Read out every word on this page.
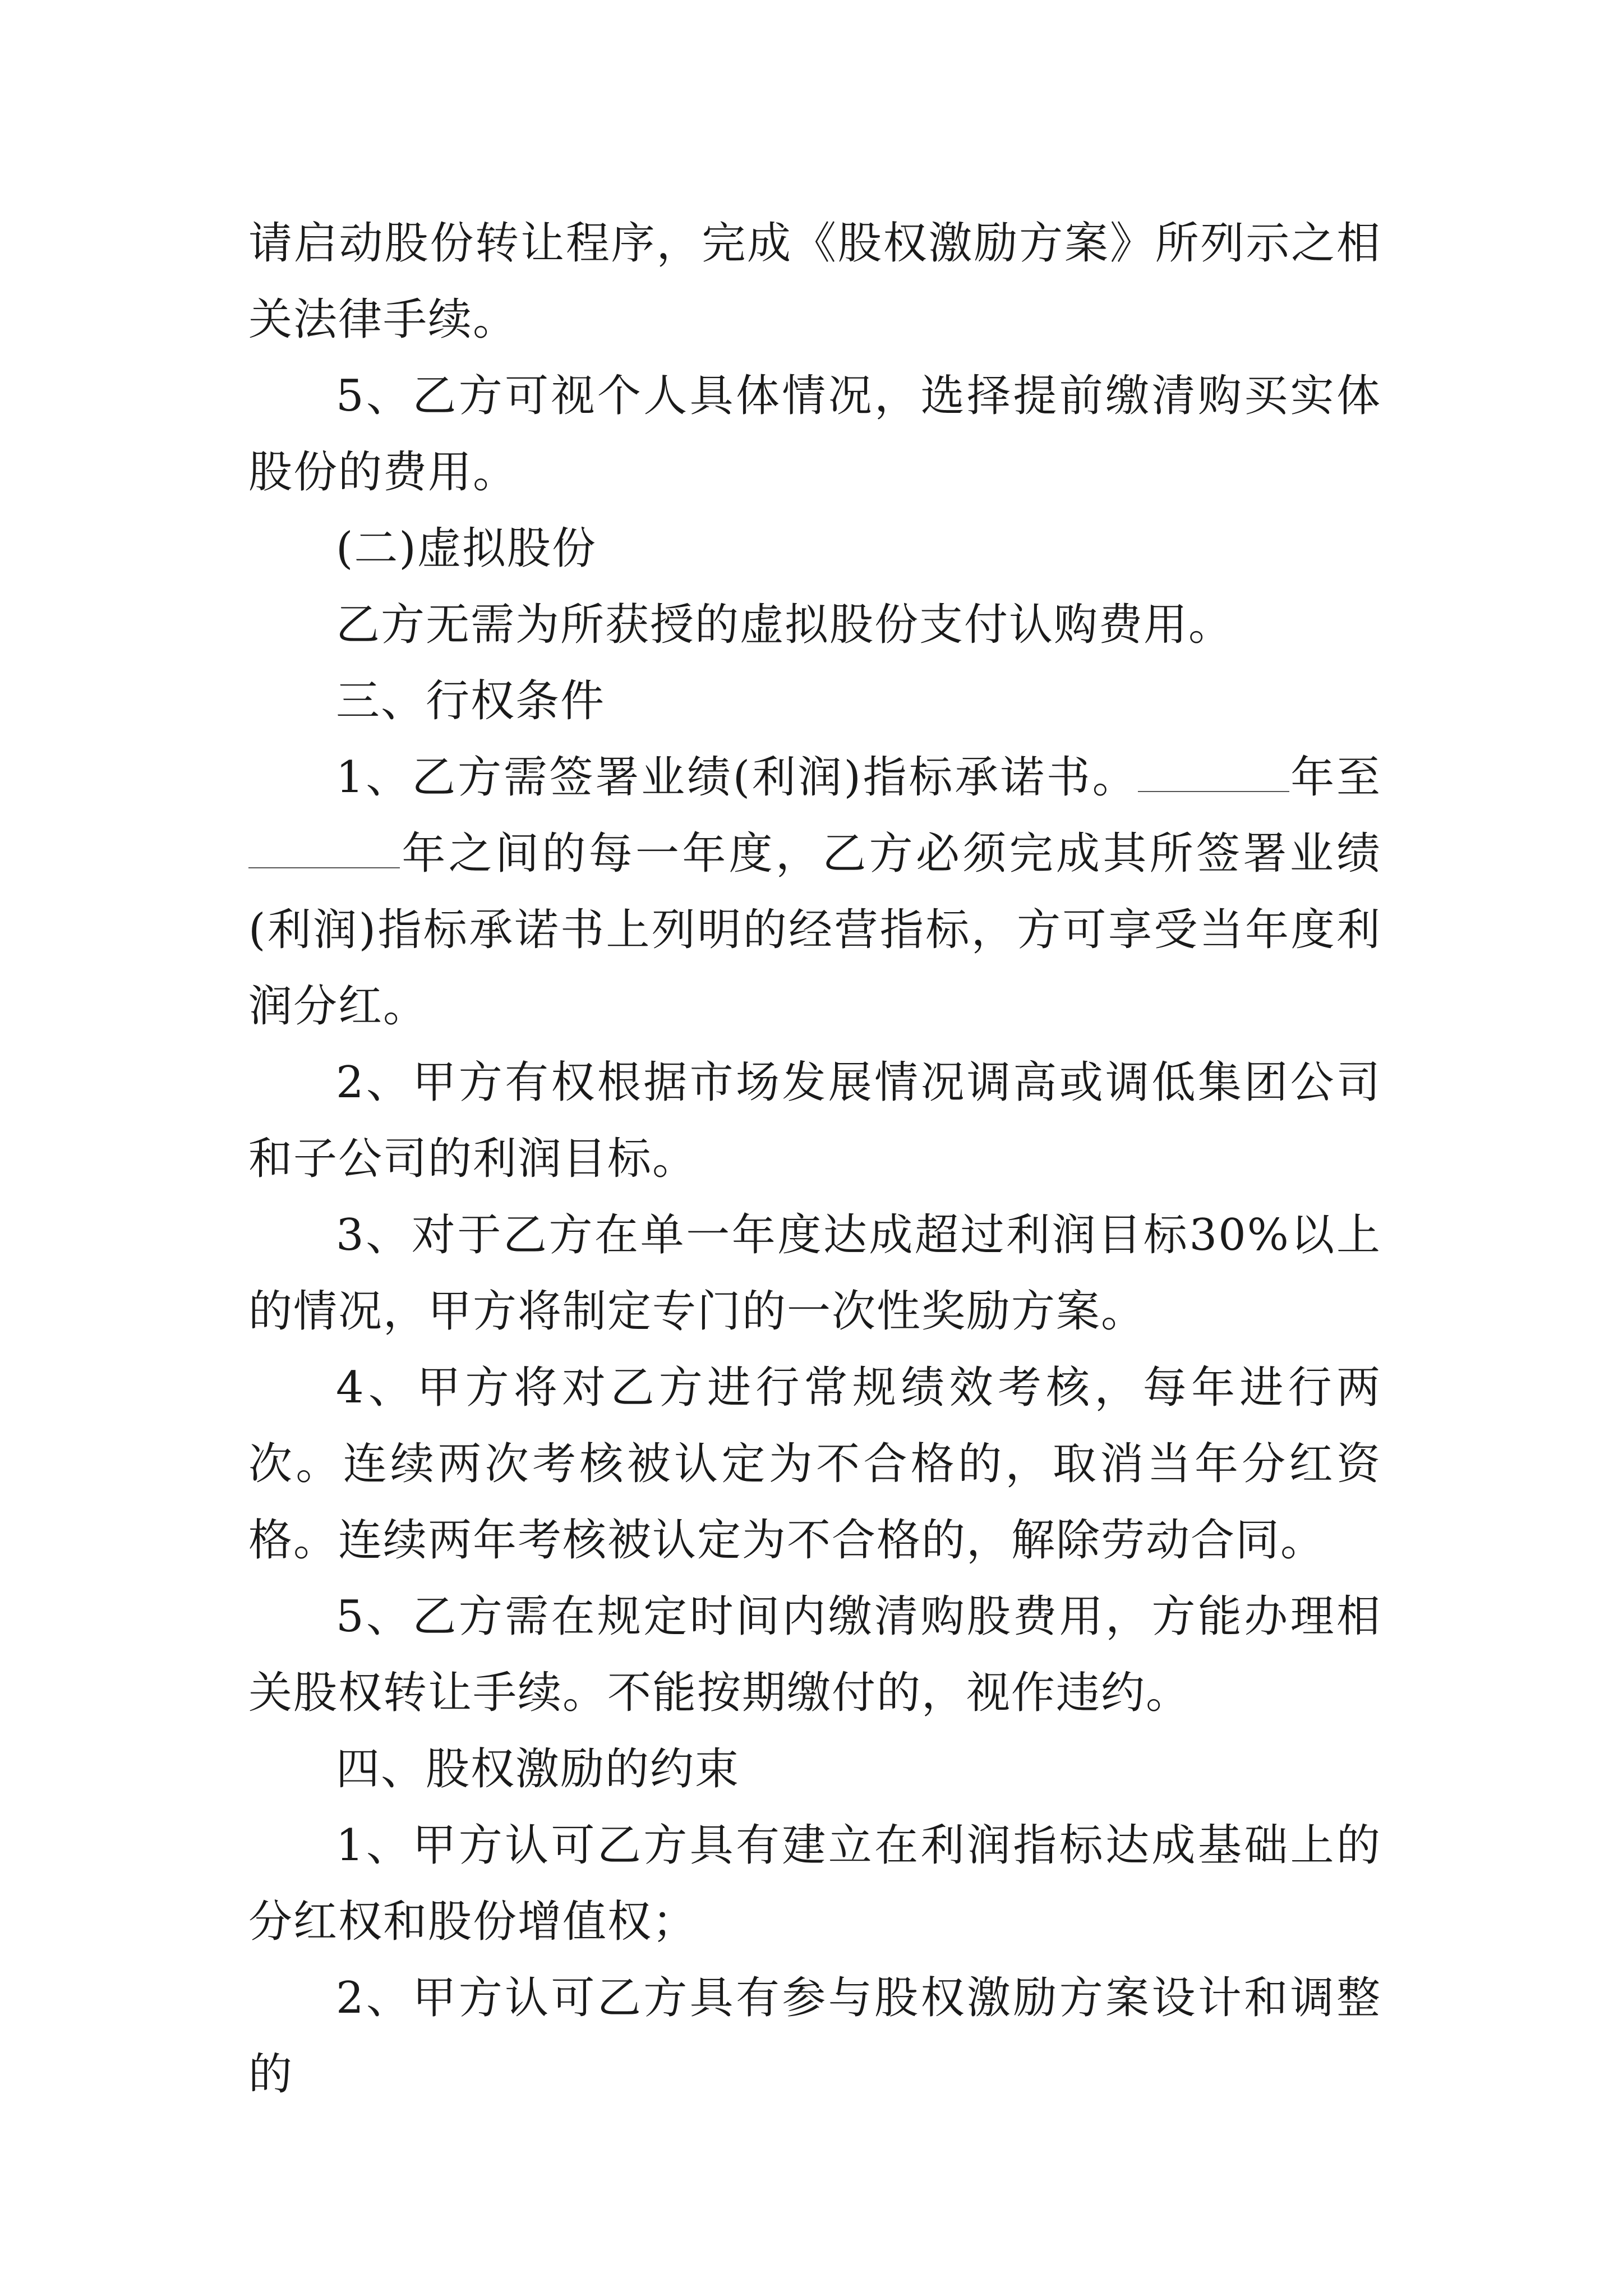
请启动股份转让程序，完成《股权激励方案》所列示之相关法律手续。

5、乙方可视个人具体情况，选择提前缴清购买实体股份的费用。

(二)虚拟股份

乙方无需为所获授的虚拟股份支付认购费用。

三、行权条件

1、乙方需签署业绩(利润)指标承诺书。	年至年之间的每一年度，乙方必须完成其所签署业绩(利润)指标承诺书上列明的经营指标，方可享受当年度利润分红。

2、甲方有权根据市场发展情况调高或调低集团公司和子公司的利润目标。

3、对于乙方在单一年度达成超过利润目标30%以上的情况，甲方将制定专门的一次性奖励方案。

4、甲方将对乙方进行常规绩效考核，每年进行两次。连续两次考核被认定为不合格的，取消当年分红资格。连续两年考核被认定为不合格的，解除劳动合同。

5、乙方需在规定时间内缴清购股费用，方能办理相关股权转让手续。不能按期缴付的，视作违约。

四、股权激励的约束

1、甲方认可乙方具有建立在利润指标达成基础上的分红权和股份增值权；

2、甲方认可乙方具有参与股权激励方案设计和调整的
